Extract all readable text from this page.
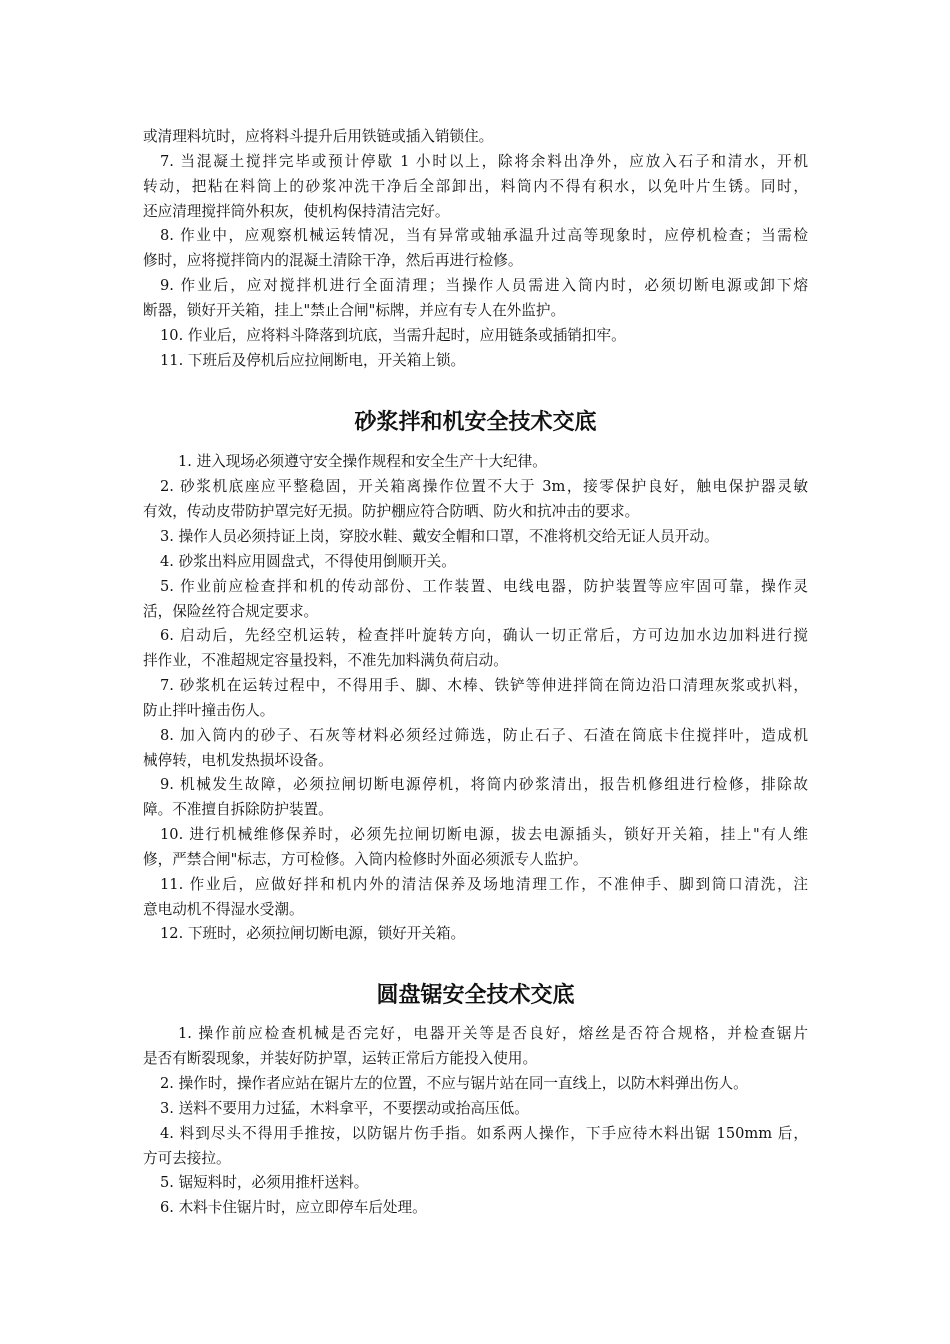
或清理料坑时，应将料斗提升后用铁链或插入销锁住。
7. 当混凝土搅拌完毕或预计停歇 1 小时以上，除将余料出净外，应放入石子和清水，开机
转动，把粘在料筒上的砂浆冲洗干净后全部卸出，料筒内不得有积水，以免叶片生锈。同时，
还应清理搅拌筒外积灰，使机构保持清洁完好。
8. 作业中，应观察机械运转情况，当有异常或轴承温升过高等现象时，应停机检查；当需检
修时，应将搅拌筒内的混凝土清除干净，然后再进行检修。
9. 作业后，应对搅拌机进行全面清理；当操作人员需进入筒内时，必须切断电源或卸下熔
断器，锁好开关箱，挂上"禁止合闸"标牌，并应有专人在外监护。
10. 作业后，应将料斗降落到坑底，当需升起时，应用链条或插销扣牢。
11. 下班后及停机后应拉闸断电，开关箱上锁。
砂浆拌和机安全技术交底
1. 进入现场必须遵守安全操作规程和安全生产十大纪律。
2. 砂浆机底座应平整稳固，开关箱离操作位置不大于 3m，接零保护良好，触电保护器灵敏
有效，传动皮带防护罩完好无损。防护棚应符合防晒、防火和抗冲击的要求。
3. 操作人员必须持证上岗，穿胶水鞋、戴安全帽和口罩，不准将机交给无证人员开动。
4. 砂浆出料应用圆盘式，不得使用倒顺开关。
5. 作业前应检查拌和机的传动部份、工作装置、电线电器，防护装置等应牢固可靠，操作灵
活，保险丝符合规定要求。
6. 启动后，先经空机运转，检查拌叶旋转方向，确认一切正常后，方可边加水边加料进行搅
拌作业，不准超规定容量投料，不准先加料满负荷启动。
7. 砂浆机在运转过程中，不得用手、脚、木棒、铁铲等伸进拌筒在筒边沿口清理灰浆或扒料，
防止拌叶撞击伤人。
8. 加入筒内的砂子、石灰等材料必须经过筛选，防止石子、石渣在筒底卡住搅拌叶，造成机
械停转，电机发热损坏设备。
9. 机械发生故障，必须拉闸切断电源停机，将筒内砂浆清出，报告机修组进行检修，排除故
障。不准擅自拆除防护装置。
10. 进行机械维修保养时，必须先拉闸切断电源，拔去电源插头，锁好开关箱，挂上"有人维
修，严禁合闸"标志，方可检修。入筒内检修时外面必须派专人监护。
11. 作业后，应做好拌和机内外的清洁保养及场地清理工作，不准伸手、脚到筒口清洗，注
意电动机不得湿水受潮。
12. 下班时，必须拉闸切断电源，锁好开关箱。
圆盘锯安全技术交底
1. 操作前应检查机械是否完好，电器开关等是否良好，熔丝是否符合规格，并检查锯片
是否有断裂现象，并装好防护罩，运转正常后方能投入使用。
2. 操作时，操作者应站在锯片左的位置，不应与锯片站在同一直线上，以防木料弹出伤人。
3. 送料不要用力过猛，木料拿平，不要摆动或抬高压低。
4. 料到尽头不得用手推按，以防锯片伤手指。如系两人操作，下手应待木料出锯 150mm 后，
方可去接拉。
5. 锯短料时，必须用推杆送料。
6. 木料卡住锯片时，应立即停车后处理。
